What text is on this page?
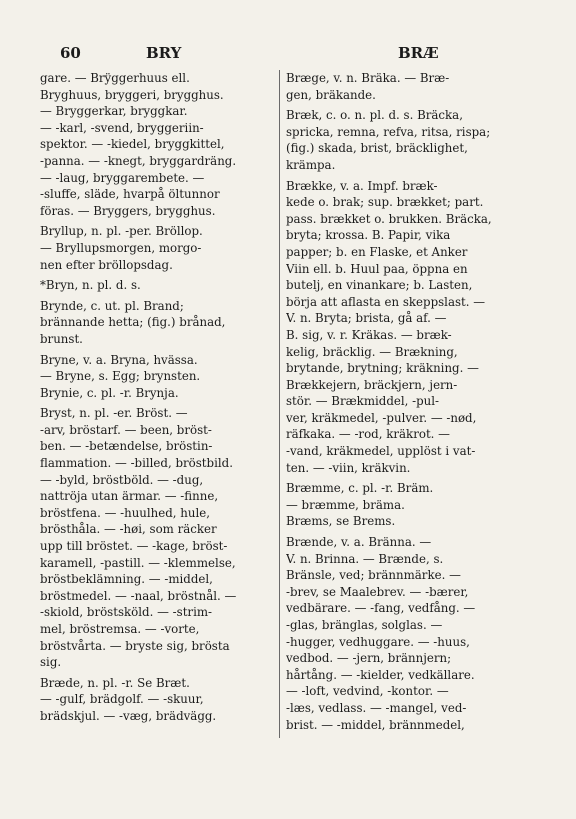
60	BRY	BRÆ
gare. — Brÿggerhuus ell.
Bryghuus, bryggeri, brygghus.
— Bryggerkar, bryggkar.
— -karl, -svend, bryggeriin-
spektor. — -kiedel, bryggkittel,
-panna. — -knegt, bryggardräng.
— -laug, bryggarembete. —
-sluffe, släde, hvarpå öltunnor
föras. — Bryggers, brygghus.
Bryllup, n. pl. -per. Bröllop.
— Bryllupsmorgen, morgo-
nen efter bröllopsdag.
*Bryn, n. pl. d. s.
Brynde, c. ut. pl. Brand;
brännande hetta; (fig.) brånad,
brunst.
Bryne, v. a. Bryna, hvässa.
— Bryne, s. Egg; brynsten.
Brynie, c. pl. -r. Brynja.
Bryst, n. pl. -er. Bröst. —
-arv, bröstarf. — been, bröst-
ben. — -betændelse, bröstin-
flammation. — -billed, bröstbild.
— -byld, bröstböld. — -dug,
nattröja utan ärmar. — -finne,
bröstfena. — -huulhed, hule,
brösthåla. — -høi, som räcker
upp till bröstet. — -kage, bröst-
karamell, -pastill. — -klemmelse,
bröstbeklämning. — -middel,
bröstmedel. — -naal, bröstnål. —
-skiold, bröstsköld. — -strim-
mel, bröstremsa. — -vorte,
bröstvårta. — bryste sig, brösta
sig.
Bræde, n. pl. -r. Se Bræt.
— -gulf, brädgolf. — -skuur,
brädskjul. — -væg, brädvägg.
Bræge, v. n. Bräka. — Bræ-
gen, bräkande.
Bræk, c. o. n. pl. d. s. Bräcka,
spricka, remna, refva, ritsa, rispa;
(fig.) skada, brist, bräcklighet,
krämpa.
Brække, v. a. Impf. bræk-
kede o. brak; sup. brækket; part.
pass. brækket o. brukken. Bräcka,
bryta; krossa. B. Papir, vika
papper; b. en Flaske, et Anker
Viin ell. b. Huul paa, öppna en
butelj, en vinankare; b. Lasten,
börja att aflasta en skeppslast. —
V. n. Bryta; brista, gå af. —
B. sig, v. r. Kräkas. — bræk-
kelig, bräcklig. — Brækning,
brytande, brytning; kräkning. —
Brækkejern, bräckjern, jern-
stör. — Brækmiddel, -pul-
ver, kräkmedel, -pulver. — -nød,
räfkaka. — -rod, kräkrot. —
-vand, kräkmedel, upplöst i vat-
ten. — -viin, kräkvin.
Bræmme, c. pl. -r. Bräm.
— bræmme, bräma.
Bræms, se Brems.
Brænde, v. a. Bränna. —
V. n. Brinna. — Brænde, s.
Bränsle, ved; brännmärke. —
-brev, se Maalebrev. — -bærer,
vedbärare. — -fang, vedfång. —
-glas, bränglas, solglas. —
-hugger, vedhuggare. — -huus,
vedbod. — -jern, brännjern;
hårtång. — -kielder, vedkällare.
— -loft, vedvind, -kontor. —
-læs, vedlass. — -mangel, ved-
brist. — -middel, brännmedel,
